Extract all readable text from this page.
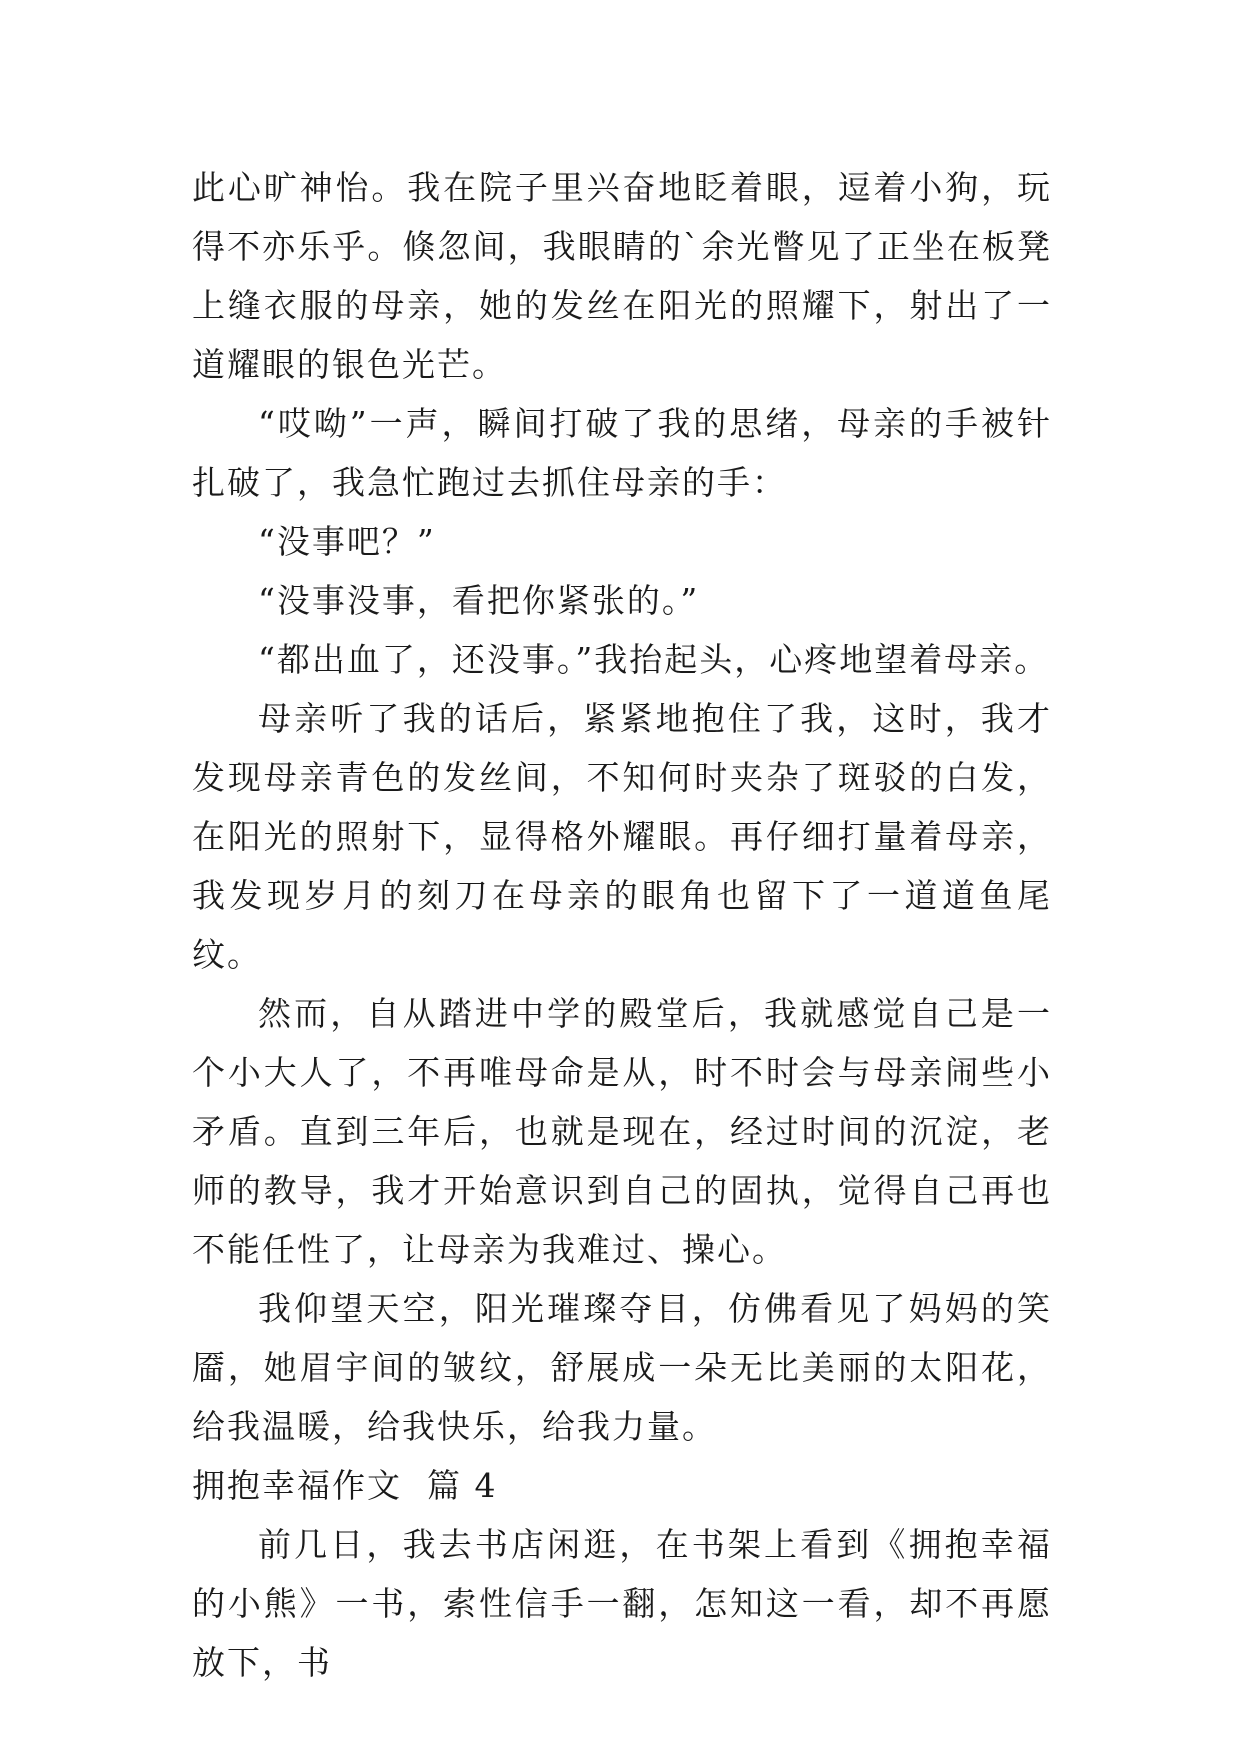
此心旷神怡。我在院子里兴奋地眨着眼，逗着小狗，玩得不亦乐乎。倏忽间，我眼睛的`余光瞥见了正坐在板凳上缝衣服的母亲，她的发丝在阳光的照耀下，射出了一道耀眼的银色光芒。

“哎呦”一声，瞬间打破了我的思绪，母亲的手被针扎破了，我急忙跑过去抓住母亲的手：

“没事吧？”

“没事没事，看把你紧张的。”

“都出血了，还没事。”我抬起头，心疼地望着母亲。

母亲听了我的话后，紧紧地抱住了我，这时，我才发现母亲青色的发丝间，不知何时夹杂了斑驳的白发，在阳光的照射下，显得格外耀眼。再仔细打量着母亲，我发现岁月的刻刀在母亲的眼角也留下了一道道鱼尾纹。

然而，自从踏进中学的殿堂后，我就感觉自己是一个小大人了，不再唯母命是从，时不时会与母亲闹些小矛盾。直到三年后，也就是现在，经过时间的沉淀，老师的教导，我才开始意识到自己的固执，觉得自己再也不能任性了，让母亲为我难过、操心。

我仰望天空，阳光璀璨夺目，仿佛看见了妈妈的笑靥，她眉宇间的皱纹，舒展成一朵无比美丽的太阳花，给我温暖，给我快乐，给我力量。

拥抱幸福作文  篇 4

前几日，我去书店闲逛，在书架上看到《拥抱幸福的小熊》一书，索性信手一翻，怎知这一看，却不再愿放下，书
